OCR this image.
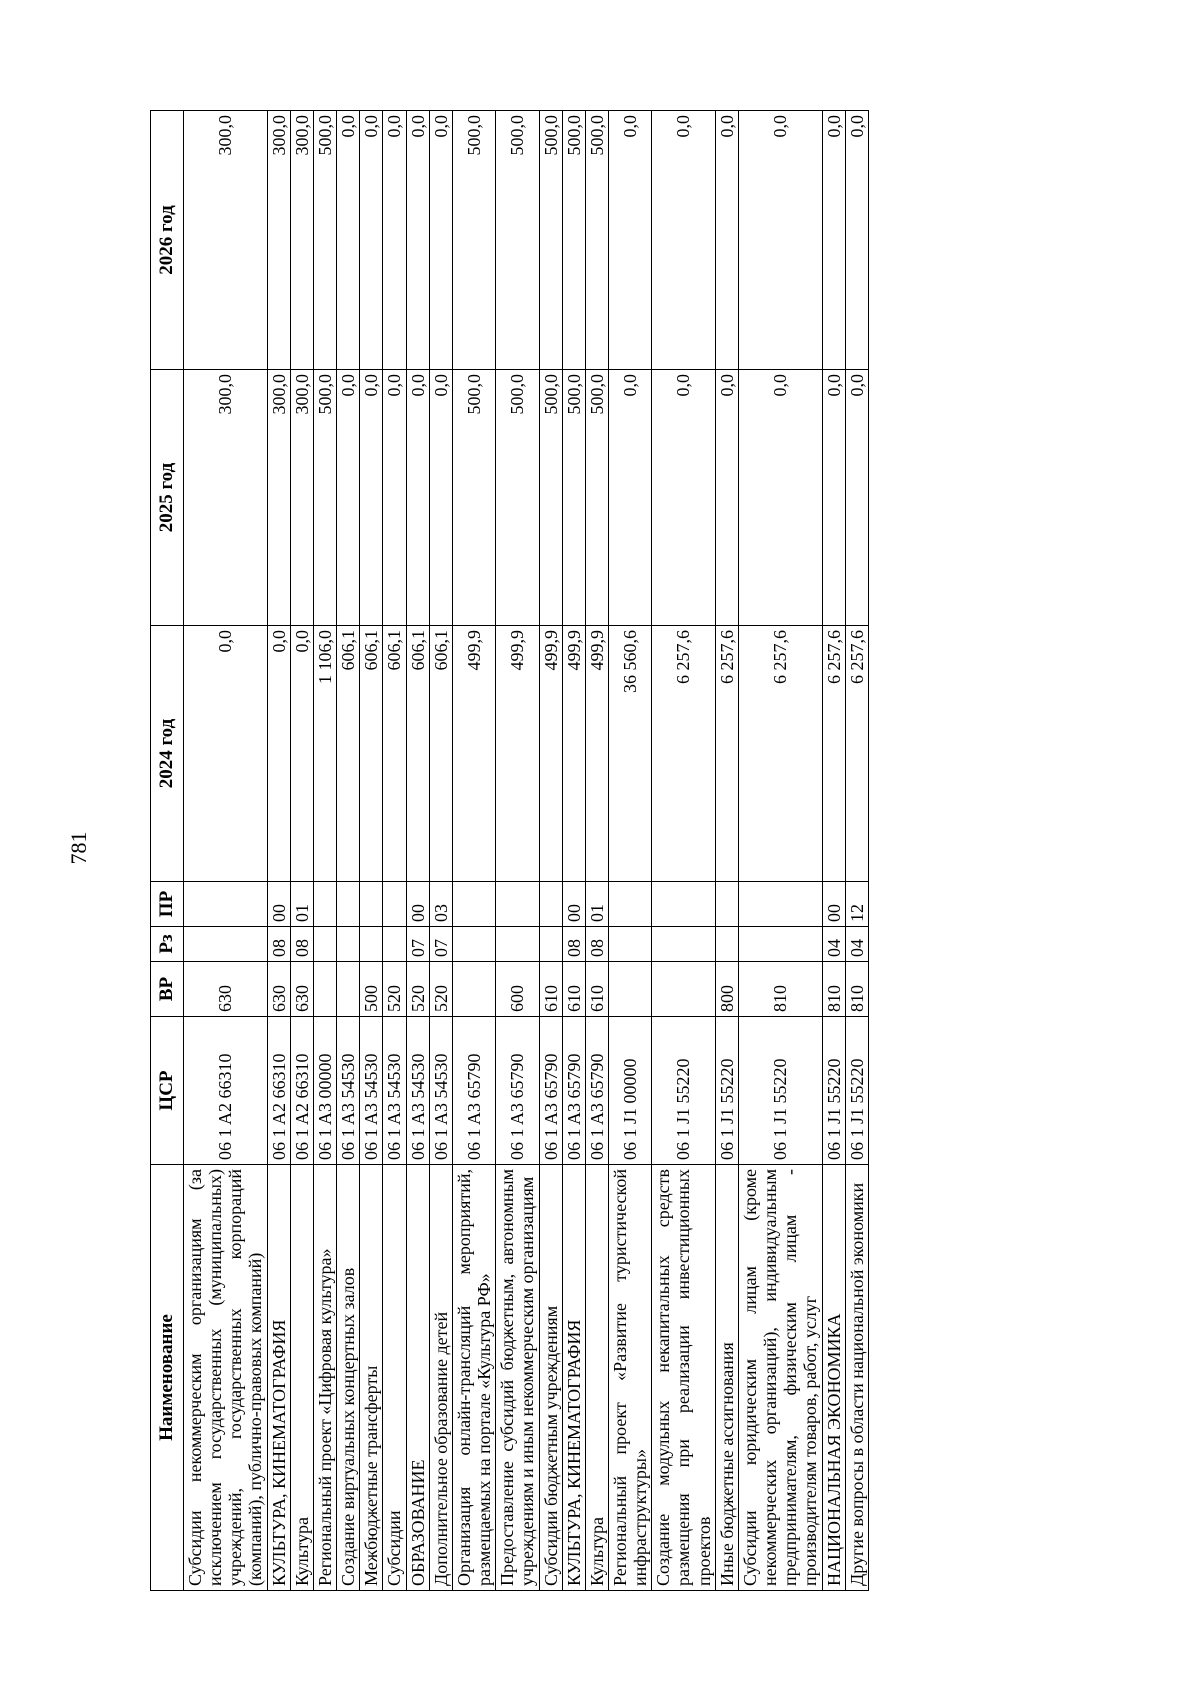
781
Наименование	ЦСР	ВР	Рз	ПР	2024 год	2025 год	2026 год
Субсидии некоммерческим организациям (за исключением государственных (муниципальных) учреждений, государственных корпораций (компаний), публично-правовых компаний)	06 1 A2 66310	630			0,0	300,0	300,0
КУЛЬТУРА, КИНЕМАТОГРАФИЯ	06 1 A2 66310	630	08	00	0,0	300,0	300,0
Культура	06 1 A2 66310	630	08	01	0,0	300,0	300,0
Региональный проект «Цифровая культура»	06 1 A3 00000				1 106,0	500,0	500,0
Создание виртуальных концертных залов	06 1 A3 54530				606,1	0,0	0,0
Межбюджетные трансферты	06 1 A3 54530	500			606,1	0,0	0,0
Субсидии	06 1 A3 54530	520			606,1	0,0	0,0
ОБРАЗОВАНИЕ	06 1 A3 54530	520	07	00	606,1	0,0	0,0
Дополнительное образование детей	06 1 A3 54530	520	07	03	606,1	0,0	0,0
Организация онлайн-трансляций мероприятий, размещаемых на портале «Культура РФ»	06 1 A3 65790				499,9	500,0	500,0
Предоставление субсидий бюджетным, автономным учреждениям и иным некоммерческим организациям	06 1 A3 65790	600			499,9	500,0	500,0
Субсидии бюджетным учреждениям	06 1 A3 65790	610			499,9	500,0	500,0
КУЛЬТУРА, КИНЕМАТОГРАФИЯ	06 1 A3 65790	610	08	00	499,9	500,0	500,0
Культура	06 1 A3 65790	610	08	01	499,9	500,0	500,0
Региональный проект «Развитие туристической инфраструктуры»	06 1 J1 00000				36 560,6	0,0	0,0
Создание модульных некапитальных средств размещения при реализации инвестиционных проектов	06 1 J1 55220				6 257,6	0,0	0,0
Иные бюджетные ассигнования	06 1 J1 55220	800			6 257,6	0,0	0,0
Субсидии юридическим лицам (кроме некоммерческих организаций), индивидуальным предпринимателям, физическим лицам - производителям товаров, работ, услуг	06 1 J1 55220	810			6 257,6	0,0	0,0
НАЦИОНАЛЬНАЯ ЭКОНОМИКА	06 1 J1 55220	810	04	00	6 257,6	0,0	0,0
Другие вопросы в области национальной экономики	06 1 J1 55220	810	04	12	6 257,6	0,0	0,0
